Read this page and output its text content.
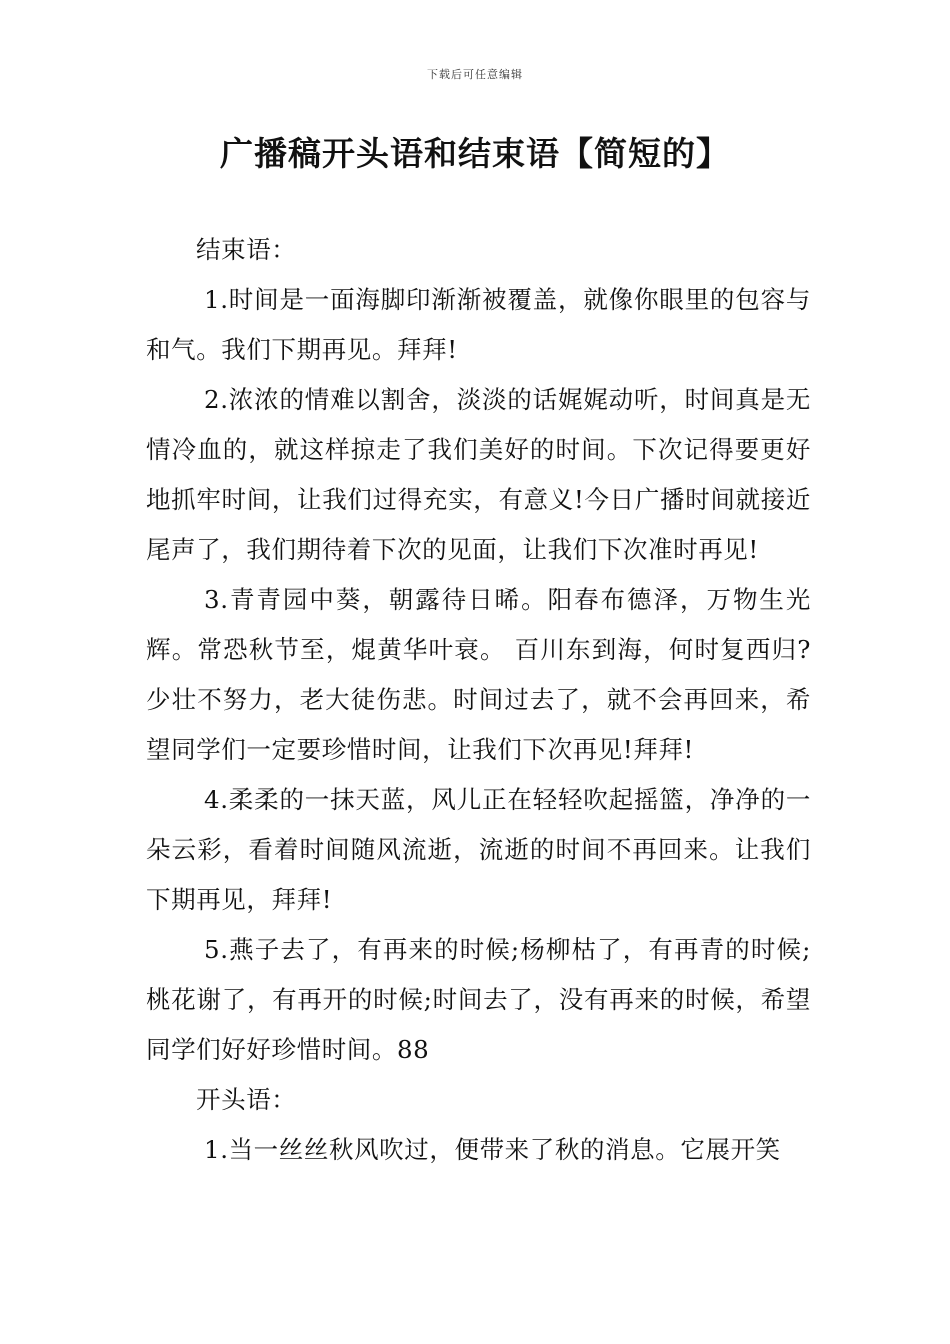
下载后可任意编辑
广播稿开头语和结束语【简短的】

结束语：

1.时间是一面海脚印渐渐被覆盖，就像你眼里的包容与和气。我们下期再见。拜拜!

2.浓浓的情难以割舍，淡淡的话娓娓动听，时间真是无情冷血的，就这样掠走了我们美好的时间。下次记得要更好地抓牢时间，让我们过得充实，有意义!今日广播时间就接近尾声了，我们期待着下次的见面，让我们下次准时再见!

3.青青园中葵，朝露待日晞。阳春布德泽，万物生光辉。常恐秋节至，焜黄华叶衰。 百川东到海，何时复西归? 少壮不努力，老大徒伤悲。时间过去了，就不会再回来，希望同学们一定要珍惜时间，让我们下次再见!拜拜!

4.柔柔的一抹天蓝，风儿正在轻轻吹起摇篮，净净的一朵云彩，看着时间随风流逝，流逝的时间不再回来。让我们下期再见，拜拜!

5.燕子去了，有再来的时候;杨柳枯了，有再青的时候;桃花谢了，有再开的时候;时间去了，没有再来的时候，希望同学们好好珍惜时间。88

开头语：

1.当一丝丝秋风吹过，便带来了秋的消息。它展开笑
